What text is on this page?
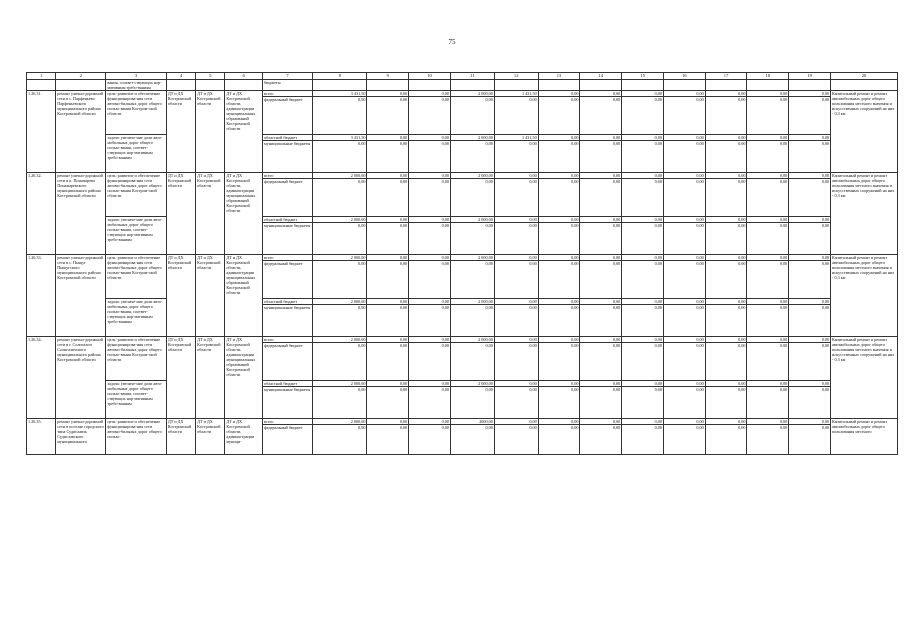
75
1	2	3	4	5	6	7	8	9	10	11	12	13	14	15	16	17	18	19	20
		вания, соответ-ствующих нор-мативным требо-ваниям				бюджеты													
1.26.31.	ремонт улично-дорожной сети в с. Парфеньево Парфеньевского муниципального района Костромской области	цель: развитие и обеспечение функционирова-ния сети автомо-бильных дорог общего пользо-вания Костром-ской области	ДТ и ДХ Костромской области	ДТ и ДХ Костромской области	ДТ и ДХ Костромской области, администрации муниципальных образований Костромской области	всего	3 431,50	0,00	0,00	2 000,00	1 431,50	0,00	0,00	0,00	0,00	0,00	0,00	0,00	Капитальный ремонт и ремонт автомобильных дорог общего пользования местного значения и искусственных сооружений на них - 0,3 км
						федеральный бюджет	0,00	0,00	0,00	0,00	0,00	0,00	0,00	0,00	0,00	0,00	0,00	0,00	
		задача: увеличе-ние доли авто-мобильных дорог общего пользо-вания, соответ-ствующих нор-мативным требо-ваниям				областной бюджет	3 431,50	0,00	0,00	2 000,00	1 431,50	0,00	0,00	0,00	0,00	0,00	0,00	0,00	
						муниципальные бюджеты	0,00	0,00	0,00	0,00	0,00	0,00	0,00	0,00	0,00	0,00	0,00	0,00	
1.26.32.	ремонт улично-дорожной сети в п. Поназырево Поназыревского муниципального района Костромской области	цель: развитие и обеспечение функционирова-ния сети автомо-бильных дорог общего пользо-вания Костром-ской области	ДТ и ДХ Костромской области	ДТ и ДХ Костромской области	ДТ и ДХ Костромской области, администрации муниципальных образований Костромской области	всего	2 000,00	0,00	0,00	2 000,00	0,00	0,00	0,00	0,00	0,00	0,00	0,00	0,00	Капитальный ремонт и ремонт автомобильных дорог общего пользования местного значения и искусственных сооружений на них - 0,3 км
						федеральный бюджет	0,00	0,00	0,00	0,00	0,00	0,00	0,00	0,00	0,00	0,00	0,00	0,00	
		задача: увеличе-ние доли авто-мобильных дорог общего пользо-вания, соответ-ствующих нор-мативным требо-ваниям				областной бюджет	2 000,00	0,00	0,00	2 000,00	0,00	0,00	0,00	0,00	0,00	0,00	0,00	0,00	
						муниципальные бюджеты	0,00	0,00	0,00	0,00	0,00	0,00	0,00	0,00	0,00	0,00	0,00	0,00	
1.26.33.	ремонт улично-дорожной сети в с. Пыщуг Пыщугского муниципального района Костромской области	цель: развитие и обеспечение функционирова-ния сети автомо-бильных дорог общего пользо-вания Костром-ской области	ДТ и ДХ Костромской области	ДТ и ДХ Костромской области	ДТ и ДХ Костромской области, администрации муниципальных образований Костромской области	всего	2 000,00	0,00	0,00	2 000,00	0,00	0,00	0,00	0,00	0,00	0,00	0,00	0,00	Капитальный ремонт и ремонт автомобильных дорог общего пользования местного значения и искусственных сооружений на них - 0,3 км
						федеральный бюджет	0,00	0,00	0,00	0,00	0,00	0,00	0,00	0,00	0,00	0,00	0,00	0,00	
		задача: увеличе-ние доли авто-мобильных дорог общего пользо-вания, соответ-ствующих нор-мативным требо-ваниям				областной бюджет	2 000,00	0,00	0,00	2 000,00	0,00	0,00	0,00	0,00	0,00	0,00	0,00	0,00	
						муниципальные бюджеты	0,00	0,00	0,00	0,00	0,00	0,00	0,00	0,00	0,00	0,00	0,00	0,00	
1.26.34.	ремонт улично-дорожной сети в г. Солигалич Солигаличского муниципального района Костромской области	цель: развитие и обеспечение функционирова-ния сети автомо-бильных дорог общего пользо-вания Костром-ской области	ДТ и ДХ Костромской области	ДТ и ДХ Костромской области	ДТ и ДХ Костромской области, администрации муниципальных образований Костромской области	всего	2 000,00	0,00	0,00	2 000,00	0,00	0,00	0,00	0,00	0,00	0,00	0,00	0,00	Капитальный ремонт и ремонт автомобильных дорог общего пользования местного значения и искусственных сооружений на них - 0,3 км
						федеральный бюджет	0,00	0,00	0,00	0,00	0,00	0,00	0,00	0,00	0,00	0,00	0,00	0,00	
		задача: увеличе-ние доли авто-мобильных дорог общего пользо-вания, соответ-ствующих нор-мативным требо-ваниям				областной бюджет	2 000,00	0,00	0,00	2 000,00	0,00	0,00	0,00	0,00	0,00	0,00	0,00	0,00	
						муниципальные бюджеты	0,00	0,00	0,00	0,00	0,00	0,00	0,00	0,00	0,00	0,00	0,00	0,00	
1.26.35.	ремонт улично-дорожной сети в поселке городского типа Судиславль Судиславского муниципального	цель: развитие и обеспечение функционирова-ния сети автомо-бильных дорог общего пользо-	ДТ и ДХ Костромской области	ДТ и ДХ Костромской области	ДТ и ДХ Костромской области, администрации муници-	всего	2 000,00	0,00	0,00	2000,00	0,00	0,00	0,00	0,00	0,00	0,00	0,00	0,00	Капитальный ремонт и ремонт автомобильных дорог общего пользования местного
						федеральный бюджет	0,00	0,00	0,00	0,00	0,00	0,00	0,00	0,00	0,00	0,00	0,00	0,00	
